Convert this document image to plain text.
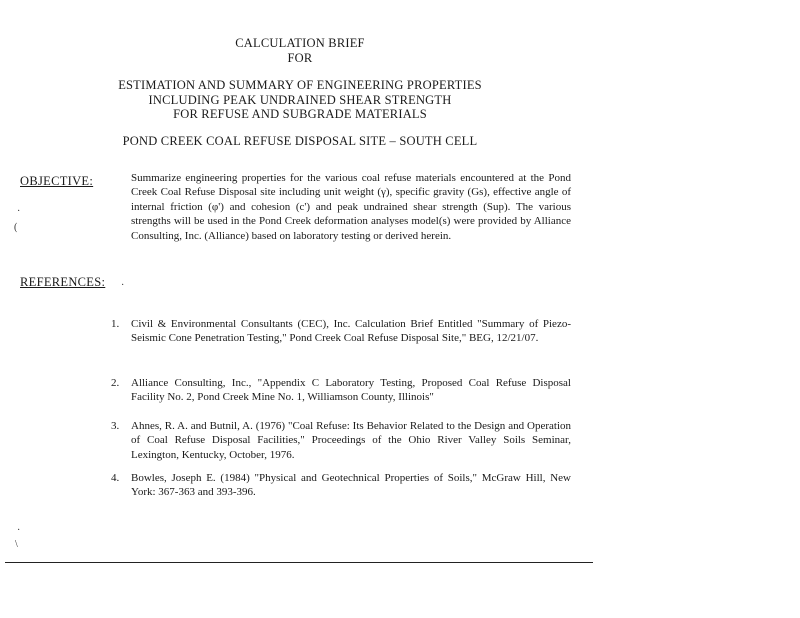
CALCULATION BRIEF
FOR
ESTIMATION AND SUMMARY OF ENGINEERING PROPERTIES
INCLUDING PEAK UNDRAINED SHEAR STRENGTH
FOR REFUSE AND SUBGRADE MATERIALS
POND CREEK COAL REFUSE DISPOSAL SITE – SOUTH CELL
OBJECTIVE:	Summarize engineering properties for the various coal refuse materials encountered at the Pond Creek Coal Refuse Disposal site including unit weight (γ), specific gravity (Gs), effective angle of internal friction (φ') and cohesion (c') and peak undrained shear strength (Sup). The various strengths will be used in the Pond Creek deformation analyses model(s) were provided by Alliance Consulting, Inc. (Alliance) based on laboratory testing or derived herein.
REFERENCES:
1.	Civil & Environmental Consultants (CEC), Inc. Calculation Brief Entitled "Summary of Piezo-Seismic Cone Penetration Testing," Pond Creek Coal Refuse Disposal Site," BEG, 12/21/07.
2.	Alliance Consulting, Inc., "Appendix C Laboratory Testing, Proposed Coal Refuse Disposal Facility No. 2, Pond Creek Mine No. 1, Williamson County, Illinois"
3.	Ahnes, R. A. and Butnil, A. (1976) "Coal Refuse: Its Behavior Related to the Design and Operation of Coal Refuse Disposal Facilities," Proceedings of the Ohio River Valley Soils Seminar, Lexington, Kentucky, October, 1976.
4.	Bowles, Joseph E. (1984) "Physical and Geotechnical Properties of Soils," McGraw Hill, New York: 367-363 and 393-396.
·
(
·
·
\
